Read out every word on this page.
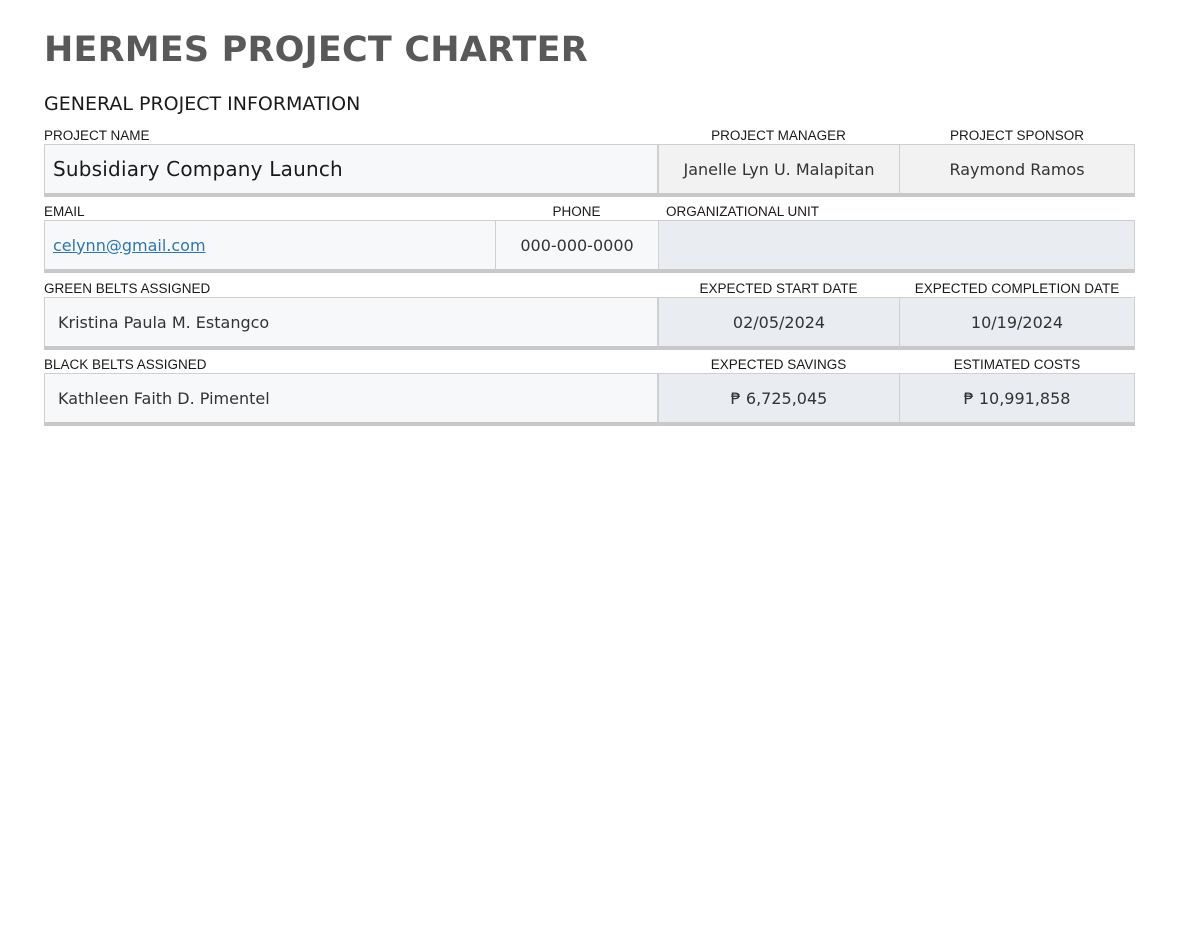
HERMES PROJECT CHARTER
GENERAL PROJECT INFORMATION
PROJECT NAME	PROJECT MANAGER	PROJECT SPONSOR
Subsidiary Company Launch	Janelle Lyn U. Malapitan	Raymond Ramos
EMAIL	PHONE	ORGANIZATIONAL UNIT
celynn@gmail.com	000-000-0000
GREEN BELTS ASSIGNED	EXPECTED START DATE	EXPECTED COMPLETION DATE
Kristina Paula M. Estangco	02/05/2024	10/19/2024
BLACK BELTS ASSIGNED	EXPECTED SAVINGS	ESTIMATED COSTS
Kathleen Faith D. Pimentel	₱ 6,725,045	₱ 10,991,858
